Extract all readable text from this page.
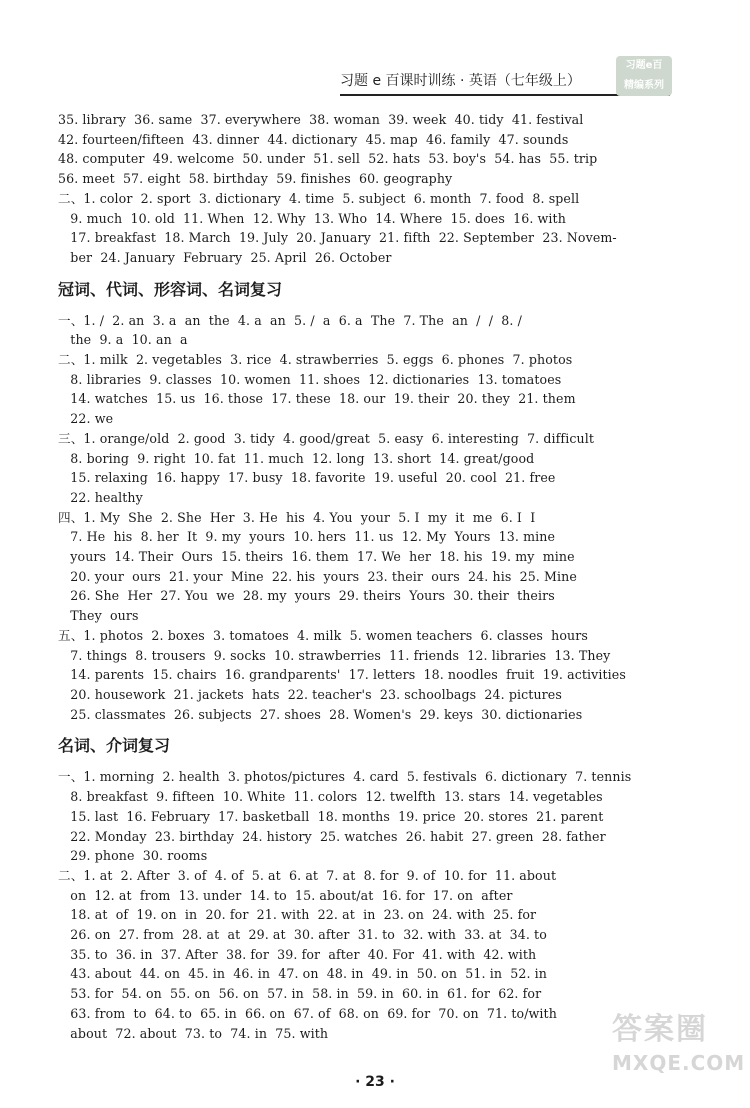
习题 e 百课时训练 · 英语（七年级上）
习题e百
精编系列
35. library  36. same  37. everywhere  38. woman  39. week  40. tidy  41. festival
42. fourteen/fifteen  43. dinner  44. dictionary  45. map  46. family  47. sounds
48. computer  49. welcome  50. under  51. sell  52. hats  53. boy's  54. has  55. trip
56. meet  57. eight  58. birthday  59. finishes  60. geography
二、1. color  2. sport  3. dictionary  4. time  5. subject  6. month  7. food  8. spell
9. much  10. old  11. When  12. Why  13. Who  14. Where  15. does  16. with
17. breakfast  18. March  19. July  20. January  21. fifth  22. September  23. Novem-
ber  24. January  February  25. April  26. October
冠词、代词、形容词、名词复习
一、1. /  2. an  3. a  an  the  4. a  an  5. /  a  6. a  The  7. The  an  /  /  8. /
the  9. a  10. an  a
二、1. milk  2. vegetables  3. rice  4. strawberries  5. eggs  6. phones  7. photos
8. libraries  9. classes  10. women  11. shoes  12. dictionaries  13. tomatoes
14. watches  15. us  16. those  17. these  18. our  19. their  20. they  21. them
22. we
三、1. orange/old  2. good  3. tidy  4. good/great  5. easy  6. interesting  7. difficult
8. boring  9. right  10. fat  11. much  12. long  13. short  14. great/good
15. relaxing  16. happy  17. busy  18. favorite  19. useful  20. cool  21. free
22. healthy
四、1. My  She  2. She  Her  3. He  his  4. You  your  5. I  my  it  me  6. I  I
7. He  his  8. her  It  9. my  yours  10. hers  11. us  12. My  Yours  13. mine
yours  14. Their  Ours  15. theirs  16. them  17. We  her  18. his  19. my  mine
20. your  ours  21. your  Mine  22. his  yours  23. their  ours  24. his  25. Mine
26. She  Her  27. You  we  28. my  yours  29. theirs  Yours  30. their  theirs
They  ours
五、1. photos  2. boxes  3. tomatoes  4. milk  5. women teachers  6. classes  hours
7. things  8. trousers  9. socks  10. strawberries  11. friends  12. libraries  13. They
14. parents  15. chairs  16. grandparents'  17. letters  18. noodles  fruit  19. activities
20. housework  21. jackets  hats  22. teacher's  23. schoolbags  24. pictures
25. classmates  26. subjects  27. shoes  28. Women's  29. keys  30. dictionaries
名词、介词复习
一、1. morning  2. health  3. photos/pictures  4. card  5. festivals  6. dictionary  7. tennis
8. breakfast  9. fifteen  10. White  11. colors  12. twelfth  13. stars  14. vegetables
15. last  16. February  17. basketball  18. months  19. price  20. stores  21. parent
22. Monday  23. birthday  24. history  25. watches  26. habit  27. green  28. father
29. phone  30. rooms
二、1. at  2. After  3. of  4. of  5. at  6. at  7. at  8. for  9. of  10. for  11. about
on  12. at  from  13. under  14. to  15. about/at  16. for  17. on  after
18. at  of  19. on  in  20. for  21. with  22. at  in  23. on  24. with  25. for
26. on  27. from  28. at  at  29. at  30. after  31. to  32. with  33. at  34. to
35. to  36. in  37. After  38. for  39. for  after  40. For  41. with  42. with
43. about  44. on  45. in  46. in  47. on  48. in  49. in  50. on  51. in  52. in
53. for  54. on  55. on  56. on  57. in  58. in  59. in  60. in  61. for  62. for
63. from  to  64. to  65. in  66. on  67. of  68. on  69. for  70. on  71. to/with
about  72. about  73. to  74. in  75. with
· 23 ·
答案圈
MXQE.COM
